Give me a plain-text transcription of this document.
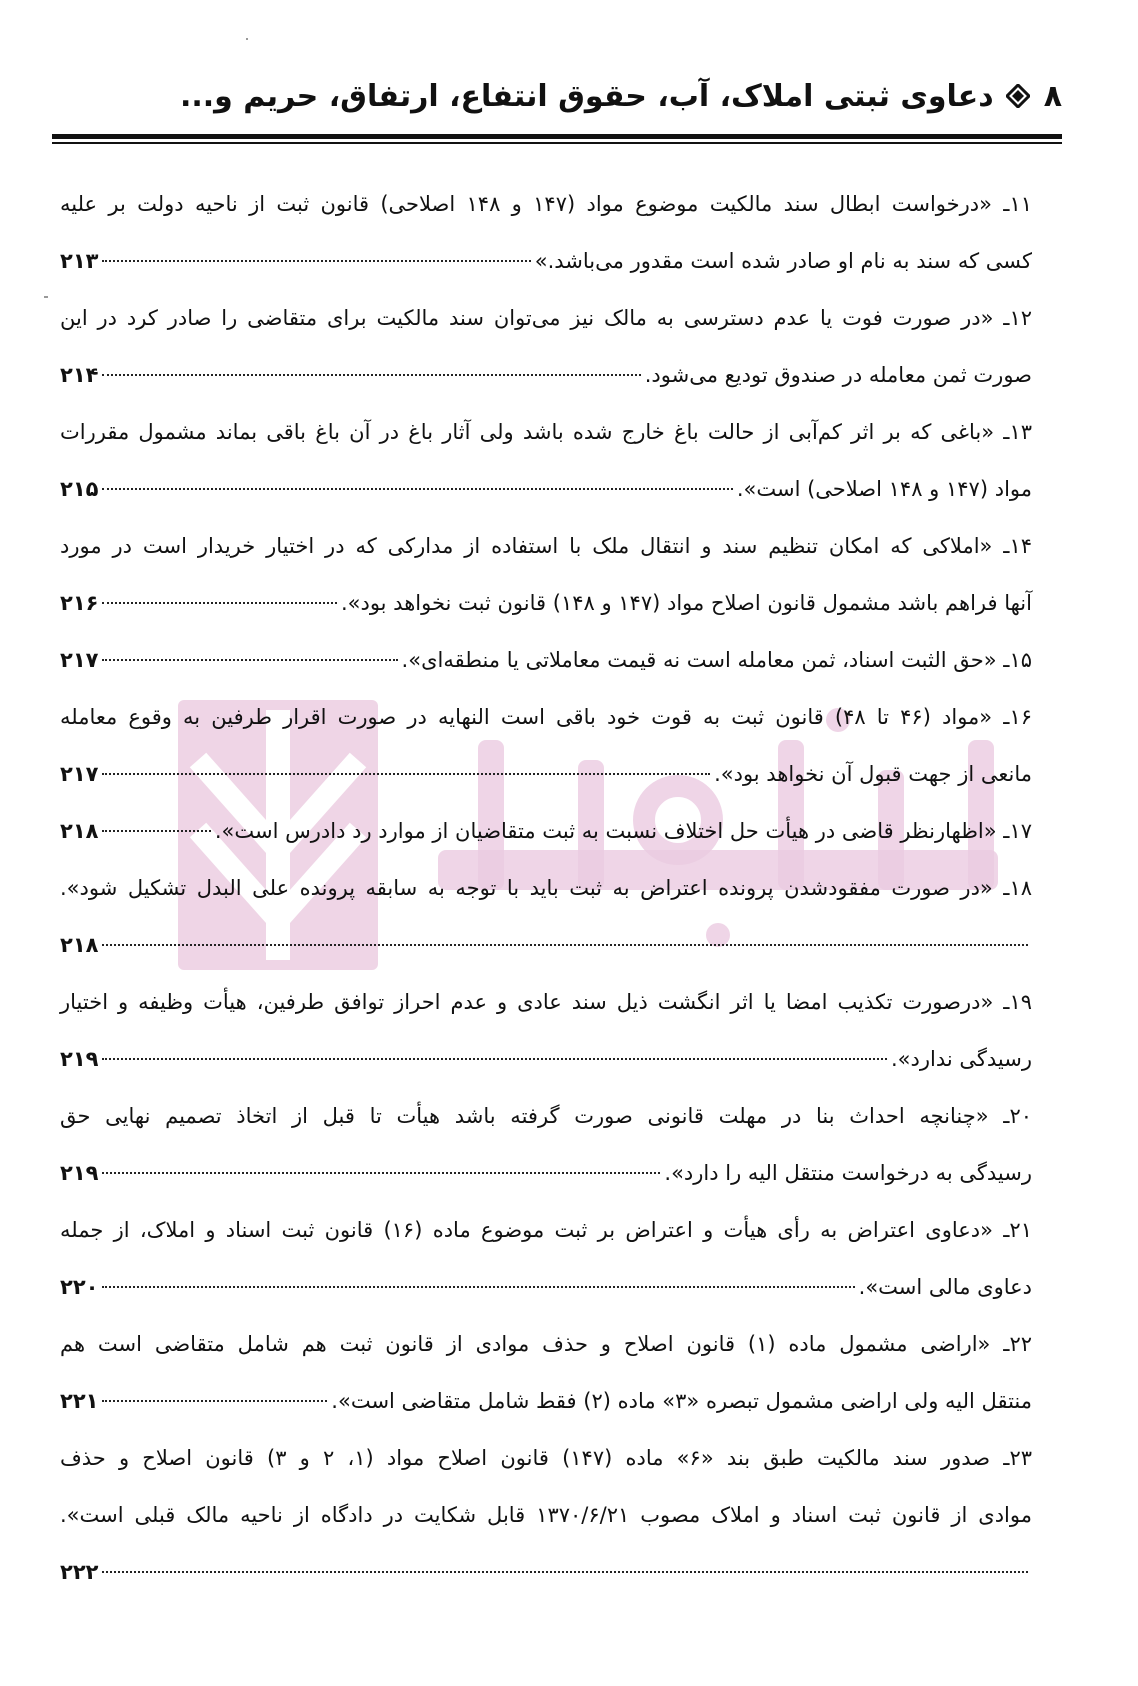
۸
دعاوی ثبتی املاک، آب، حقوق انتفاع، ارتفاق، حریم و...
۱۱ـ «درخواست ابطال سند مالکیت موضوع مواد (۱۴۷ و ۱۴۸ اصلاحی) قانون ثبت از ناحیه دولت بر علیه
کسی که سند به نام او صادر شده است مقدور می‌باشد.»
۲۱۳
۱۲ـ «در صورت فوت یا عدم دسترسی به مالک نیز می‌توان سند مالکیت برای متقاضی را صادر کرد در این
صورت ثمن معامله در صندوق تودیع می‌شود.
۲۱۴
۱۳ـ «باغی که بر اثر کم‌آبی از حالت باغ خارج شده باشد ولی آثار باغ در آن باغ باقی بماند مشمول مقررات
مواد (۱۴۷ و ۱۴۸ اصلاحی) است».
۲۱۵
۱۴ـ «املاکی که امکان تنظیم سند و انتقال ملک با استفاده از مدارکی که در اختیار خریدار است در مورد
آنها فراهم باشد مشمول قانون اصلاح مواد (۱۴۷ و ۱۴۸) قانون ثبت نخواهد بود».
۲۱۶
۱۵ـ «حق الثبت اسناد، ثمن معامله است نه قیمت معاملاتی یا منطقه‌ای».
۲۱۷
۱۶ـ «مواد (۴۶ تا ۴۸) قانون ثبت به قوت خود باقی است النهایه در صورت اقرار طرفین به وقوع معامله
مانعی از جهت قبول آن نخواهد بود».
۲۱۷
۱۷ـ «اظهارنظر قاضی در هیأت حل اختلاف نسبت به ثبت متقاضیان از موارد رد دادرس است».
۲۱۸
۱۸ـ «در صورت مفقودشدن پرونده اعتراض به ثبت باید با توجه به سابقه پرونده علی البدل تشکیل شود».
۲۱۸
۱۹ـ «درصورت تکذیب امضا یا اثر انگشت ذیل سند عادی و عدم احراز توافق طرفین، هیأت وظیفه و اختیار
رسیدگی ندارد».
۲۱۹
۲۰ـ «چنانچه احداث بنا در مهلت قانونی صورت گرفته باشد هیأت تا قبل از اتخاذ تصمیم نهایی حق
رسیدگی به درخواست منتقل الیه را دارد».
۲۱۹
۲۱ـ «دعاوی اعتراض به رأی هیأت و اعتراض بر ثبت موضوع ماده (۱۶) قانون ثبت اسناد و املاک، از جمله
دعاوی مالی است».
۲۲۰
۲۲ـ «اراضی مشمول ماده (۱) قانون اصلاح و حذف موادی از قانون ثبت هم شامل متقاضی است هم
منتقل الیه ولی اراضی مشمول تبصره «۳» ماده (۲) فقط شامل متقاضی است».
۲۲۱
۲۳ـ صدور سند مالکیت طبق بند «۶» ماده (۱۴۷) قانون اصلاح مواد (۱، ۲ و ۳) قانون اصلاح و حذف
موادی از قانون ثبت اسناد و املاک مصوب ۱۳۷۰/۶/۲۱ قابل شکایت در دادگاه از ناحیه مالک قبلی است».
۲۲۲
